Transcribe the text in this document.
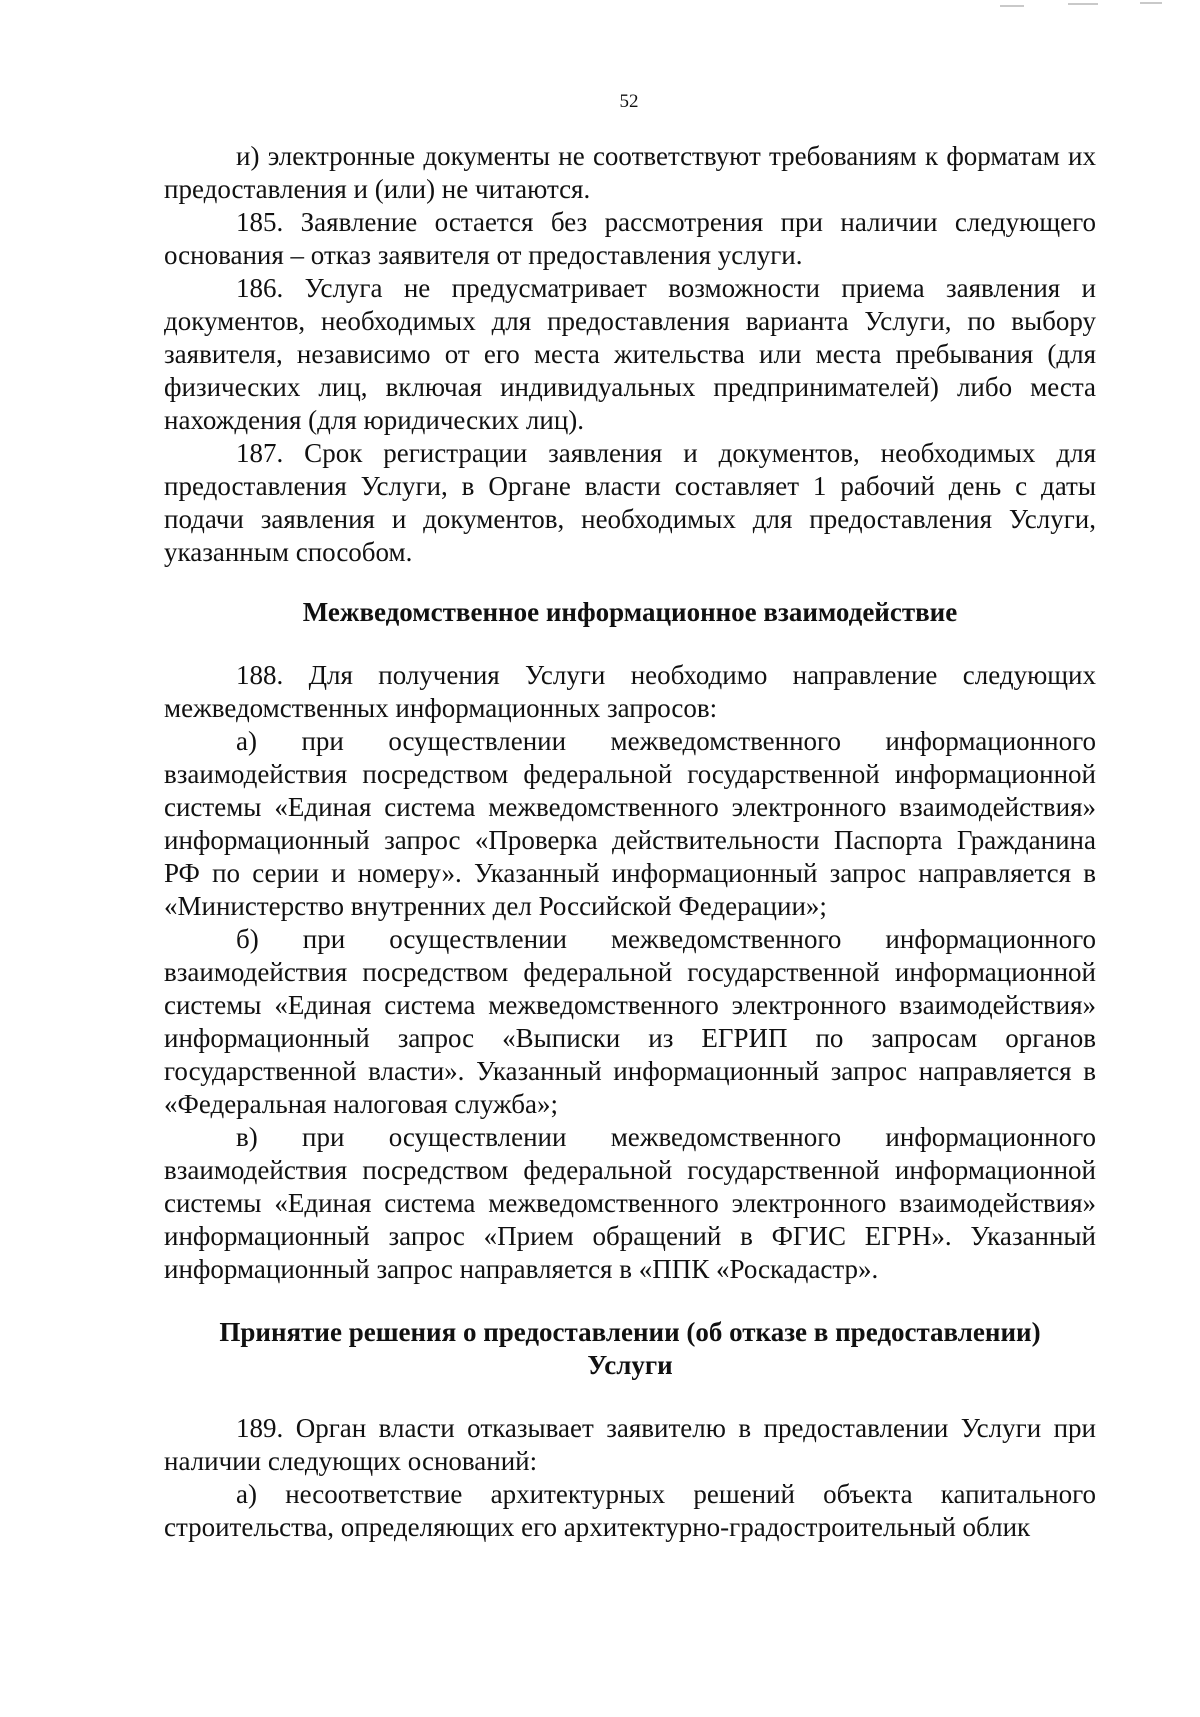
52

и) электронные документы не соответствуют требованиям к форматам их предоставления и (или) не читаются.

185. Заявление остается без рассмотрения при наличии следующего основания – отказ заявителя от предоставления услуги.

186. Услуга не предусматривает возможности приема заявления и документов, необходимых для предоставления варианта Услуги, по выбору заявителя, независимо от его места жительства или места пребывания (для физических лиц, включая индивидуальных предпринимателей) либо места нахождения (для юридических лиц).

187. Срок регистрации заявления и документов, необходимых для предоставления Услуги, в Органе власти составляет 1 рабочий день с даты подачи заявления и документов, необходимых для предоставления Услуги, указанным способом.

Межведомственное информационное взаимодействие

188. Для получения Услуги необходимо направление следующих межведомственных информационных запросов:

а) при осуществлении межведомственного информационного взаимодействия посредством федеральной государственной информационной системы «Единая система межведомственного электронного взаимодействия» информационный запрос «Проверка действительности Паспорта Гражданина РФ по серии и номеру». Указанный информационный запрос направляется в «Министерство внутренних дел Российской Федерации»;

б) при осуществлении межведомственного информационного взаимодействия посредством федеральной государственной информационной системы «Единая система межведомственного электронного взаимодействия» информационный запрос «Выписки из ЕГРИП по запросам органов государственной власти». Указанный информационный запрос направляется в «Федеральная налоговая служба»;

в) при осуществлении межведомственного информационного взаимодействия посредством федеральной государственной информационной системы «Единая система межведомственного электронного взаимодействия» информационный запрос «Прием обращений в ФГИС ЕГРН». Указанный информационный запрос направляется в «ППК «Роскадастр».

Принятие решения о предоставлении (об отказе в предоставлении) Услуги

189. Орган власти отказывает заявителю в предоставлении Услуги при наличии следующих оснований:

а) несоответствие архитектурных решений объекта капитального строительства, определяющих его архитектурно-градостроительный облик
